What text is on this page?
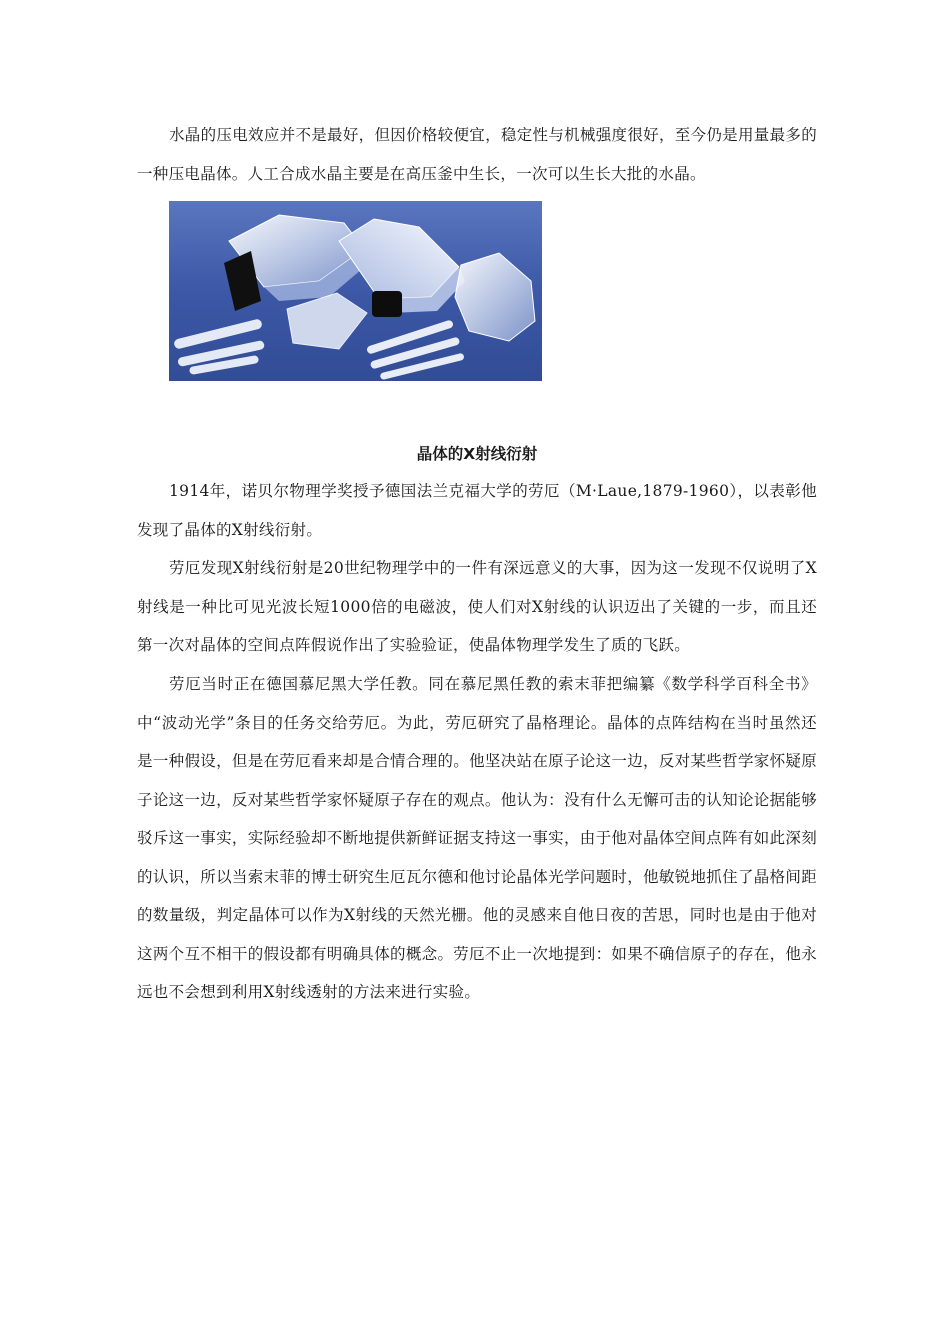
水晶的压电效应并不是最好，但因价格较便宜，稳定性与机械强度很好，至今仍是用量最多的一种压电晶体。人工合成水晶主要是在高压釜中生长，一次可以生长大批的水晶。

晶体的X射线衍射

1914年，诺贝尔物理学奖授予德国法兰克福大学的劳厄（M·Laue,1879-1960），以表彰他发现了晶体的X射线衍射。

劳厄发现X射线衍射是20世纪物理学中的一件有深远意义的大事，因为这一发现不仅说明了X射线是一种比可见光波长短1000倍的电磁波，使人们对X射线的认识迈出了关键的一步，而且还第一次对晶体的空间点阵假说作出了实验验证，使晶体物理学发生了质的飞跃。

劳厄当时正在德国慕尼黑大学任教。同在慕尼黑任教的索末菲把编纂《数学科学百科全书》中“波动光学”条目的任务交给劳厄。为此，劳厄研究了晶格理论。晶体的点阵结构在当时虽然还是一种假设，但是在劳厄看来却是合情合理的。他坚决站在原子论这一边，反对某些哲学家怀疑原子论这一边，反对某些哲学家怀疑原子存在的观点。他认为：没有什么无懈可击的认知论论据能够驳斥这一事实，实际经验却不断地提供新鲜证据支持这一事实，由于他对晶体空间点阵有如此深刻的认识，所以当索末菲的博士研究生厄瓦尔德和他讨论晶体光学问题时，他敏锐地抓住了晶格间距的数量级，判定晶体可以作为X射线的天然光栅。他的灵感来自他日夜的苦思，同时也是由于他对这两个互不相干的假设都有明确具体的概念。劳厄不止一次地提到：如果不确信原子的存在，他永远也不会想到利用X射线透射的方法来进行实验。
